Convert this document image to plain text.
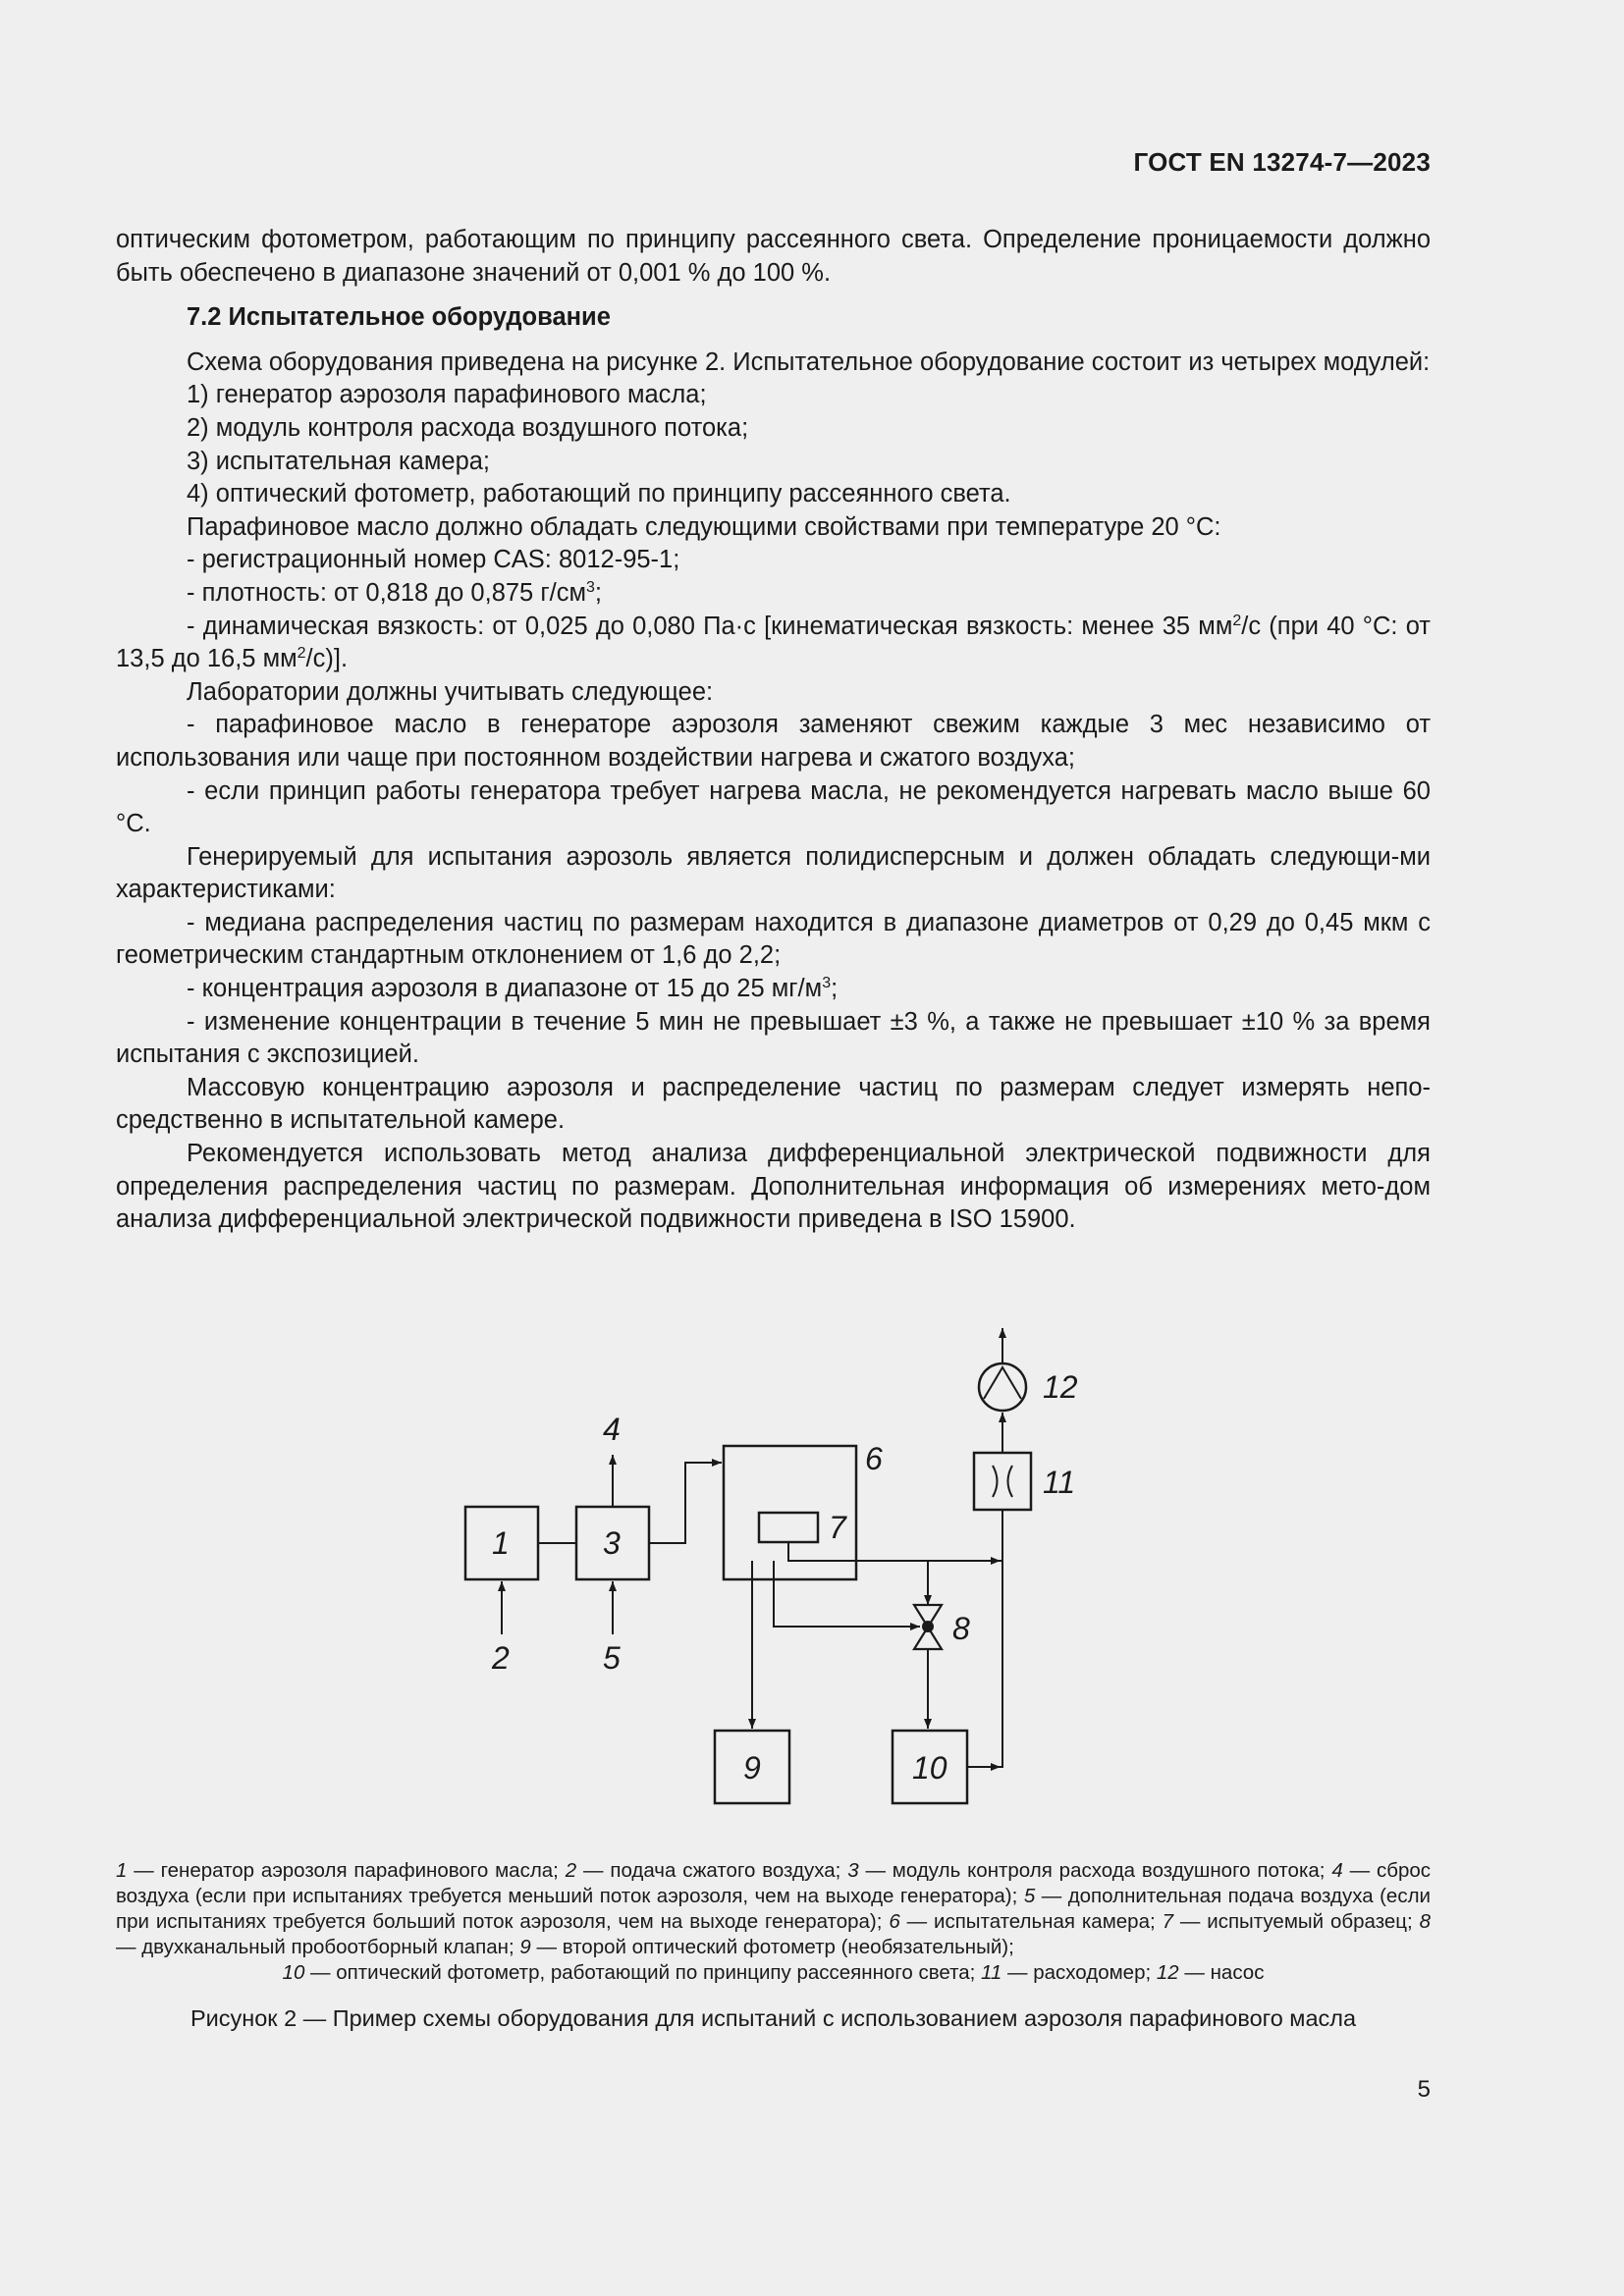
ГОСТ EN 13274-7—2023

оптическим фотометром, работающим по принципу рассеянного света. Определение проницаемости должно быть обеспечено в диапазоне значений от 0,001 % до 100 %.

7.2 Испытательное оборудование

Схема оборудования приведена на рисунке 2. Испытательное оборудование состоит из четырех модулей:

1) генератор аэрозоля парафинового масла;

2) модуль контроля расхода воздушного потока;

3) испытательная камера;

4) оптический фотометр, работающий по принципу рассеянного света.

Парафиновое масло должно обладать следующими свойствами при температуре 20 °С:

- регистрационный номер CAS: 8012-95-1;

- плотность: от 0,818 до 0,875 $г/см^3$;

- динамическая вязкость: от 0,025 до 0,080 Па·с [кинематическая вязкость: менее 35 $мм^2/с$ (при 40 °С: от 13,5 до 16,5 $мм^2/с$)].

Лаборатории должны учитывать следующее:

- парафиновое масло в генераторе аэрозоля заменяют свежим каждые 3 мес независимо от использования или чаще при постоянном воздействии нагрева и сжатого воздуха;

- если принцип работы генератора требует нагрева масла, не рекомендуется нагревать масло выше 60 °С.

Генерируемый для испытания аэрозоль является полидисперсным и должен обладать следующи-ми характеристиками:

- медиана распределения частиц по размерам находится в диапазоне диаметров от 0,29 до 0,45 мкм с геометрическим стандартным отклонением от 1,6 до 2,2;

- концентрация аэрозоля в диапазоне от 15 до 25 $мг/м^3$;

- изменение концентрации в течение 5 мин не превышает ±3 %, а также не превышает ±10 % за время испытания с экспозицией.

Массовую концентрацию аэрозоля и распределение частиц по размерам следует измерять непо-средственно в испытательной камере.

Рекомендуется использовать метод анализа дифференциальной электрической подвижности для определения распределения частиц по размерам. Дополнительная информация об измерениях мето-дом анализа дифференциальной электрической подвижности приведена в ISO 15900.

1
2
3
4
5
6
7
8
9	10
11
12
1 — генератор аэрозоля парафинового масла; 2 — подача сжатого воздуха; 3 — модуль контроля расхода воздушного потока; 4 — сброс воздуха (если при испытаниях требуется меньший поток аэрозоля, чем на выходе генератора); 5 — дополнительная подача воздуха (если при испытаниях требуется больший поток аэрозоля, чем на выходе генератора); 6 — испытательная камера; 7 — испытуемый образец; 8 — двухканальный пробоотборный клапан; 9 — второй оптический фотометр (необязательный);
10 — оптический фотометр, работающий по принципу рассеянного света; 11 — расходомер; 12 — насос
Рисунок 2 — Пример схемы оборудования для испытаний с использованием аэрозоля парафинового масла
5
